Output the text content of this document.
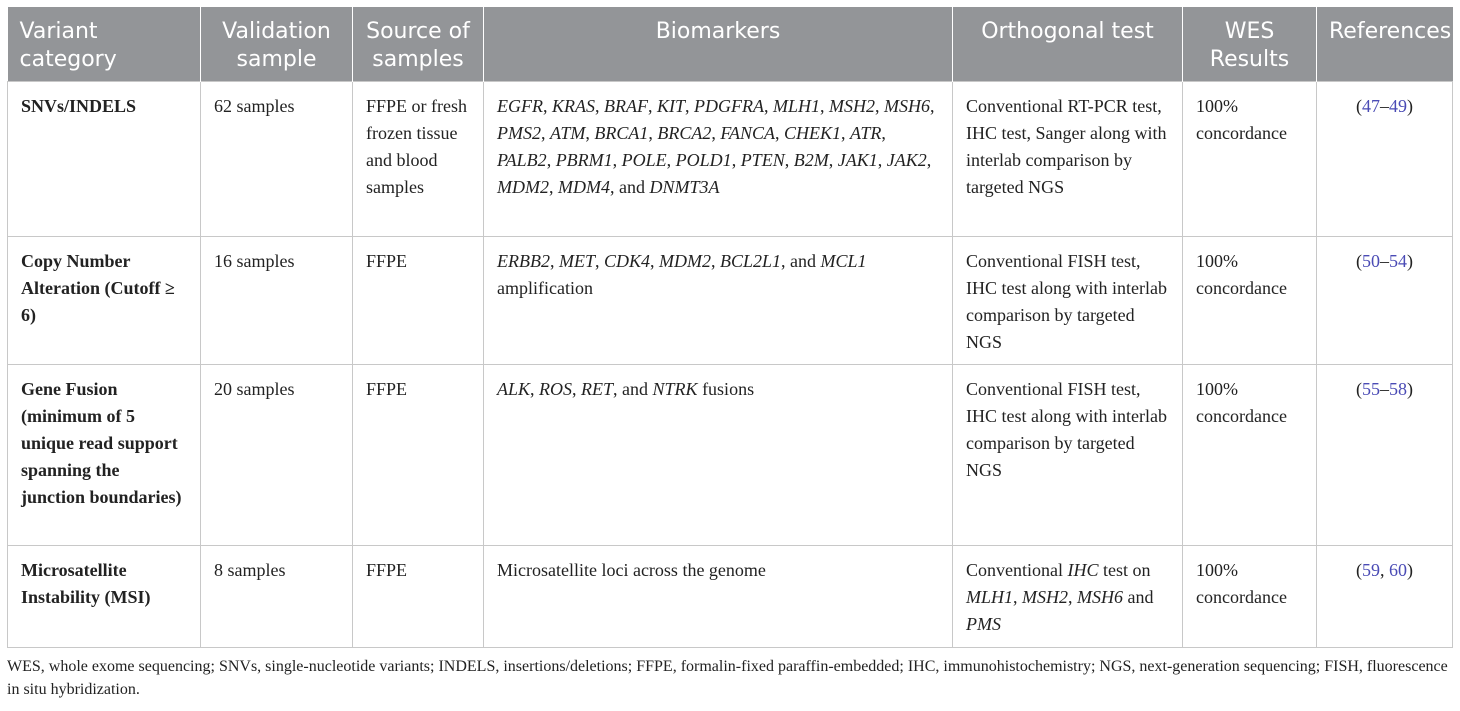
Variant category	Validation sample	Source of samples	Biomarkers	Orthogonal test	WES Results	References
SNVs/INDELS	62 samples	FFPE or fresh frozen tissue and blood samples	EGFR, KRAS, BRAF, KIT, PDGFRA, MLH1, MSH2, MSH6, PMS2, ATM, BRCA1, BRCA2, FANCA, CHEK1, ATR, PALB2, PBRM1, POLE, POLD1, PTEN, B2M, JAK1, JAK2, MDM2, MDM4, and DNMT3A	Conventional RT-PCR test, IHC test, Sanger along with interlab comparison by targeted NGS	100% concordance	(47–49)
Copy Number Alteration (Cutoff ≥ 6)	16 samples	FFPE	ERBB2, MET, CDK4, MDM2, BCL2L1, and MCL1 amplification	Conventional FISH test, IHC test along with interlab comparison by targeted NGS	100% concordance	(50–54)
Gene Fusion (minimum of 5 unique read support spanning the junction boundaries)	20 samples	FFPE	ALK, ROS, RET, and NTRK fusions	Conventional FISH test, IHC test along with interlab comparison by targeted NGS	100% concordance	(55–58)
Microsatellite Instability (MSI)	8 samples	FFPE	Microsatellite loci across the genome	Conventional IHC test on MLH1, MSH2, MSH6 and PMS	100% concordance	(59, 60)
WES, whole exome sequencing; SNVs, single-nucleotide variants; INDELS, insertions/deletions; FFPE, formalin-fixed paraffin-embedded; IHC, immunohistochemistry; NGS, next-generation sequencing; FISH, fluorescence in situ hybridization.
